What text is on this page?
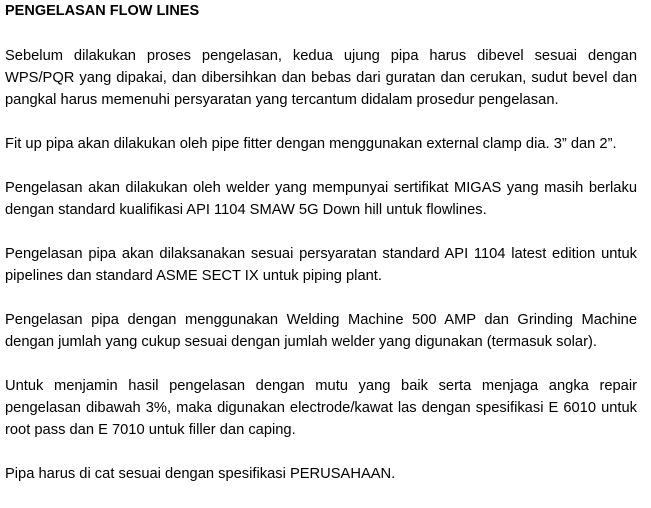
PENGELASAN FLOW LINES

Sebelum dilakukan proses pengelasan, kedua ujung pipa harus dibevel sesuai dengan WPS/PQR yang dipakai, dan dibersihkan dan bebas dari guratan dan cerukan, sudut bevel dan pangkal harus memenuhi persyaratan yang tercantum didalam prosedur pengelasan.

Fit up pipa akan dilakukan oleh pipe fitter dengan menggunakan external clamp dia. 3” dan 2”.

Pengelasan akan dilakukan oleh welder yang mempunyai sertifikat MIGAS yang masih berlaku dengan standard kualifikasi API 1104 SMAW 5G Down hill untuk flowlines.

Pengelasan pipa akan dilaksanakan sesuai persyaratan standard API 1104 latest edition untuk pipelines dan standard ASME SECT IX untuk piping plant.

Pengelasan pipa dengan menggunakan Welding Machine 500 AMP dan Grinding Machine dengan jumlah yang cukup sesuai dengan jumlah welder yang digunakan (termasuk solar).

Untuk menjamin hasil pengelasan dengan mutu yang baik serta menjaga angka repair pengelasan dibawah 3%, maka digunakan electrode/kawat las dengan spesifikasi E 6010 untuk root pass dan E 7010 untuk filler dan caping.

Pipa harus di cat sesuai dengan spesifikasi PERUSAHAAN.
